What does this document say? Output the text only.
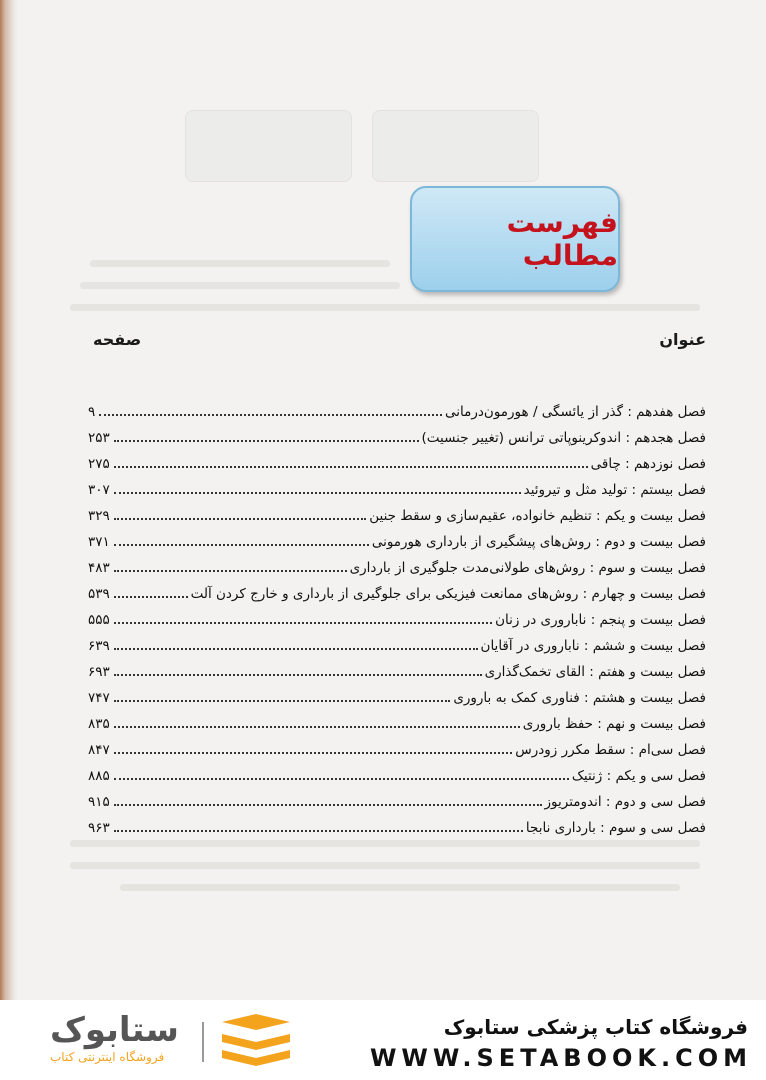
فهرست مطالب
عنوان
صفحه
فصل هفدهم : گذر از یائسگی / هورمون‌درمانی
۹
فصل هجدهم : اندوکرینوپاتی ترانس (تغییر جنسیت)
۲۵۳
فصل نوزدهم : چاقی
۲۷۵
فصل بیستم : تولید مثل و تیروئید
۳۰۷
فصل بیست و یکم : تنظیم خانواده، عقیم‌سازی و سقط جنین
۳۲۹
فصل بیست و دوم : روش‌های پیشگیری از بارداری هورمونی
۳۷۱
فصل بیست و سوم : روش‌های طولانی‌مدت جلوگیری از بارداری
۴۸۳
فصل بیست و چهارم : روش‌های ممانعت فیزیکی برای جلوگیری از بارداری و خارج کردن آلت
۵۳۹
فصل بیست و پنجم : ناباروری در زنان
۵۵۵
فصل بیست و ششم : ناباروری در آقایان
۶۳۹
فصل بیست و هفتم : القای تخمک‌گذاری
۶۹۳
فصل بیست و هشتم : فناوری کمک به باروری
۷۴۷
فصل بیست و نهم : حفظ باروری
۸۳۵
فصل سی‌ام : سقط مکرر زودرس
۸۴۷
فصل سی و یکم : ژنتیک
۸۸۵
فصل سی و دوم : اندومتریوز
۹۱۵
فصل سی و سوم : بارداری نابجا
۹۶۳
ستابوک
فروشگاه اینترنتی کتاب
فروشگاه کتاب پزشکی ستابوک
WWW.SETABOOK.COM
